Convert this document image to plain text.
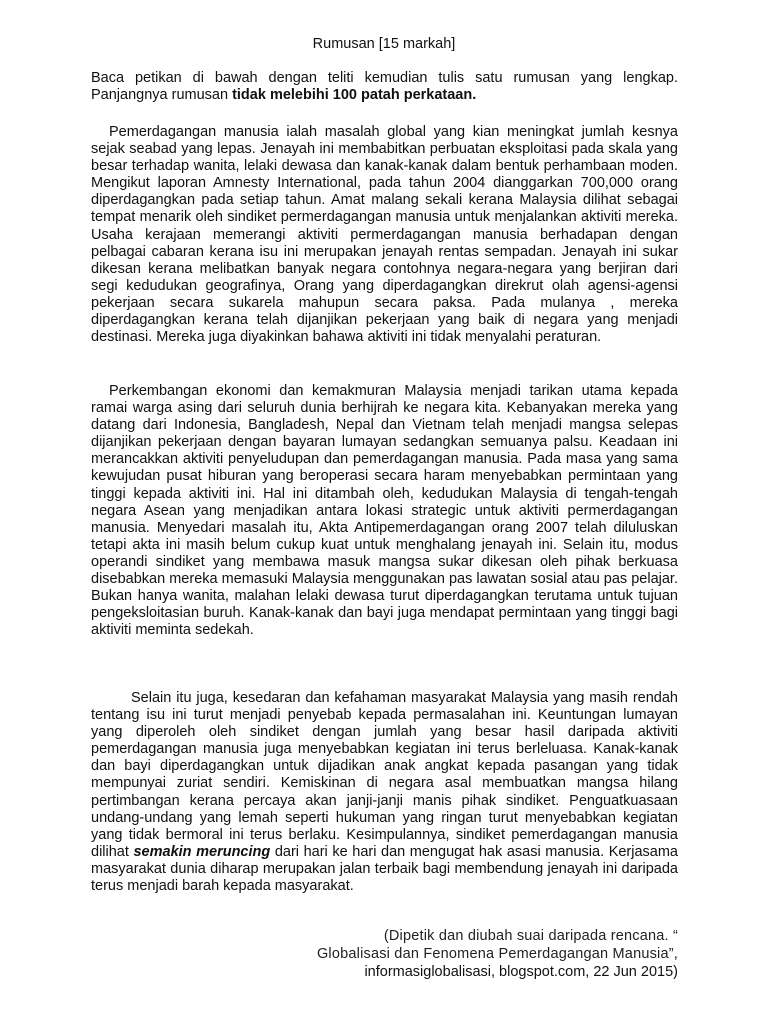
Rumusan [15 markah]
Baca petikan di bawah dengan teliti kemudian tulis satu rumusan yang lengkap. Panjangnya rumusan tidak melebihi 100 patah perkataan.
Pemerdagangan manusia ialah masalah global yang kian meningkat jumlah kesnya sejak seabad yang lepas. Jenayah ini membabitkan perbuatan eksploitasi pada skala yang besar terhadap wanita, lelaki dewasa dan kanak-kanak dalam bentuk perhambaan moden. Mengikut laporan Amnesty International, pada tahun 2004 dianggarkan 700,000 orang diperdagangkan pada setiap tahun. Amat malang sekali kerana Malaysia dilihat sebagai tempat menarik oleh sindiket permerdagangan manusia untuk menjalankan aktiviti mereka. Usaha kerajaan memerangi aktiviti permerdagangan manusia berhadapan dengan pelbagai cabaran kerana isu ini merupakan jenayah rentas sempadan. Jenayah ini sukar dikesan kerana melibatkan banyak negara contohnya negara-negara yang berjiran dari segi kedudukan geografinya, Orang yang diperdagangkan direkrut olah agensi-agensi pekerjaan secara sukarela mahupun secara paksa. Pada mulanya , mereka diperdagangkan kerana telah dijanjikan pekerjaan yang baik di negara yang menjadi destinasi. Mereka juga diyakinkan bahawa aktiviti ini tidak menyalahi peraturan.
Perkembangan ekonomi dan kemakmuran Malaysia menjadi tarikan utama kepada ramai warga asing dari seluruh dunia berhijrah ke negara kita. Kebanyakan mereka yang datang dari Indonesia, Bangladesh, Nepal dan Vietnam telah menjadi mangsa selepas dijanjikan pekerjaan dengan bayaran lumayan sedangkan semuanya palsu. Keadaan ini merancakkan aktiviti penyeludupan dan pemerdagangan manusia. Pada masa yang sama kewujudan pusat hiburan yang beroperasi secara haram menyebabkan permintaan yang tinggi kepada aktiviti ini. Hal ini ditambah oleh, kedudukan Malaysia di tengah-tengah negara Asean yang menjadikan antara lokasi strategic untuk aktiviti permerdagangan manusia. Menyedari masalah itu, Akta Antipemerdagangan orang 2007 telah diluluskan tetapi akta ini masih belum cukup kuat untuk menghalang jenayah ini. Selain itu, modus operandi sindiket yang membawa masuk mangsa sukar dikesan oleh pihak berkuasa disebabkan mereka memasuki Malaysia menggunakan pas lawatan sosial atau pas pelajar. Bukan hanya wanita, malahan lelaki dewasa turut diperdagangkan terutama untuk tujuan pengeksloitasian buruh. Kanak-kanak dan bayi juga mendapat permintaan yang tinggi bagi aktiviti meminta sedekah.
Selain itu juga, kesedaran dan kefahaman masyarakat Malaysia yang masih rendah tentang isu ini turut menjadi penyebab kepada permasalahan ini. Keuntungan lumayan yang diperoleh oleh sindiket dengan jumlah yang besar hasil daripada aktiviti pemerdagangan manusia juga menyebabkan kegiatan ini terus berleluasa. Kanak-kanak dan bayi diperdagangkan untuk dijadikan anak angkat kepada pasangan yang tidak mempunyai zuriat sendiri. Kemiskinan di negara asal membuatkan mangsa hilang pertimbangan kerana percaya akan janji-janji manis pihak sindiket. Penguatkuasaan undang-undang yang lemah seperti hukuman yang ringan turut menyebabkan kegiatan yang tidak bermoral ini terus berlaku. Kesimpulannya, sindiket pemerdagangan manusia dilihat semakin meruncing dari hari ke hari dan mengugat hak asasi manusia. Kerjasama masyarakat dunia diharap merupakan jalan terbaik bagi membendung jenayah ini daripada terus menjadi barah kepada masyarakat.
(Dipetik dan diubah suai daripada rencana. “
Globalisasi dan Fenomena Pemerdagangan Manusia”,
informasiglobalisasi, blogspot.com, 22 Jun 2015)
